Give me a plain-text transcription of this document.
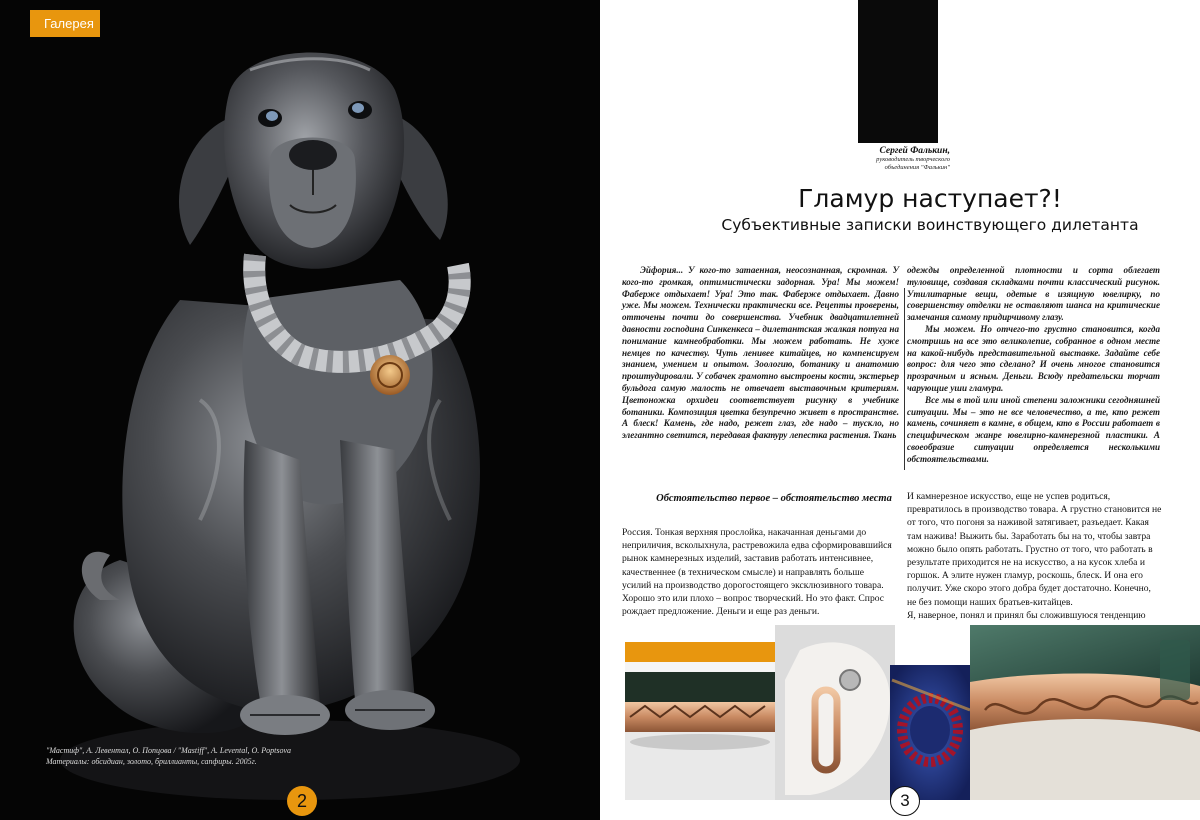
Галерея
"Мастиф", А. Левентал, О. Попцова / "Mastiff", A. Levental, O. Poptsova
Материалы: обсидиан, золото, бриллианты, сапфиры. 2005г.
2
Сергей Фалькин,
руководитель творческого
объединения "Фалькин"
Гламур наступает?!
Субъективные записки воинствующего дилетанта
Эйфория... У кого-то затаенная, неосознанная, скромная. У кого-то громкая, оптимистически задорная. Ура! Мы можем! Фаберже отдыхает! Ура! Это так. Фаберже отдыхает. Давно уже. Мы можем. Технически практически все. Рецепты проверены, отточены почти до совершенства. Учебник двадцатилетней давности господина Синкенкеса – дилетантская жалкая потуга на понимание камнеобработки. Мы можем работать. Не хуже немцев по качеству. Чуть ленивее китайцев, но компенсируем знанием, умением и опытом. Зоологию, ботанику и анатомию проштудировали. У собачек грамотно выстроены кости, экстерьер бульдога самую малость не отвечает выставочным критериям. Цветоножка орхидеи соответствует рисунку в учебнике ботаники. Композиция цветка безупречно живет в пространстве. А блеск! Камень, где надо, режет глаз, где надо – тускло, но элегантно светится, передавая фактуру лепестка растения. Ткань
одежды определенной плотности и сорта облегает туловище, создавая складками почти классический рисунок. Утилитарные вещи, одетые в изящную ювелирку, по совершенству отделки не оставляют шанса на критические замечания самому придирчивому глазу.
Мы можем. Но отчего-то грустно становится, когда смотришь на все это великолепие, собранное в одном месте на какой-нибудь представительной выставке. Задайте себе вопрос: для чего это сделано? И очень многое становится прозрачным и ясным. Деньги. Всюду предательски торчат чарующие уши гламура.
Все мы в той или иной степени заложники сегодняшней ситуации. Мы – это не все человечество, а те, кто режет камень, сочиняет в камне, в общем, кто в России работает в специфическом жанре ювелирно-камнерезной пластики. А своеобразие ситуации определяется несколькими обстоятельствами.
Обстоятельство первое – обстоятельство места
Россия. Тонкая верхняя прослойка, накачанная деньгами до неприличия, всколыхнула, растревожила едва сформировавшийся рынок камнерезных изделий, заставив работать интенсивнее, качественнее (в техническом смысле) и направлять больше усилий на производство дорогостоящего эксклюзивного товара. Хорошо это или плохо – вопрос творческий. Но это факт. Спрос рождает предложение. Деньги и еще раз деньги.
И камнерезное искусство, еще не успев родиться, превратилось в производство товара. А грустно становится не от того, что погоня за наживой затягивает, разъедает. Какая там нажива! Выжить бы. Заработать бы на то, чтобы завтра можно было опять работать. Грустно от того, что работать в результате приходится не на искусство, а на кусок хлеба и горшок. А элите нужен гламур, роскошь, блеск. И она его получит. Уже скоро этого добра будет достаточно. Конечно, не без помощи наших братьев-китайцев.
Я, наверное, понял и принял бы сложившуюся тенденцию
3
